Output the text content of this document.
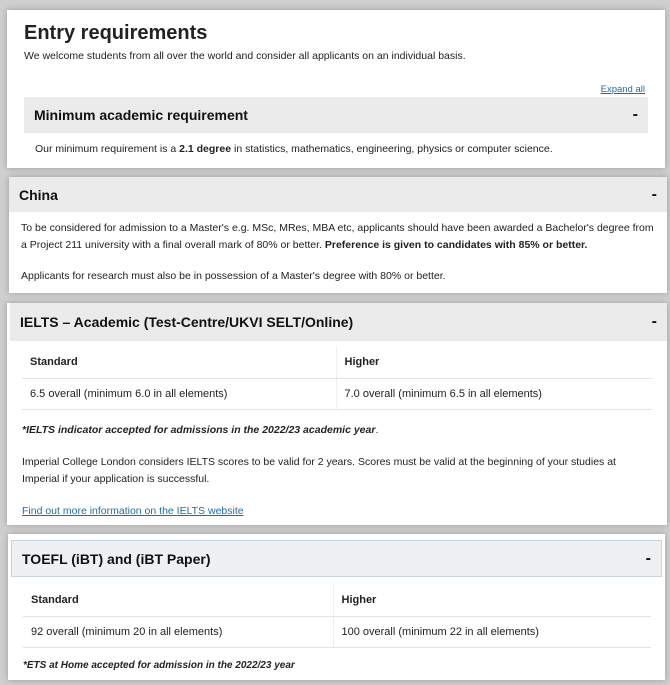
Entry requirements
We welcome students from all over the world and consider all applicants on an individual basis.
Expand all
Minimum academic requirement	-
Our minimum requirement is a 2.1 degree in statistics, mathematics, engineering, physics or computer science.
China	-
To be considered for admission to a Master's e.g. MSc, MRes, MBA etc, applicants should have been awarded a Bachelor's degree from a Project 211 university with a final overall mark of 80% or better. Preference is given to candidates with 85% or better.
Applicants for research must also be in possession of a Master's degree with 80% or better.
IELTS – Academic (Test-Centre/UKVI SELT/Online)	-
Standard	Higher
6.5 overall (minimum 6.0 in all elements)	7.0 overall (minimum 6.5 in all elements)
*IELTS indicator accepted for admissions in the 2022/23 academic year.
Imperial College London considers IELTS scores to be valid for 2 years. Scores must be valid at the beginning of your studies at Imperial if your application is successful.
Find out more information on the IELTS website
TOEFL (iBT) and (iBT Paper)	-
Standard	Higher
92 overall (minimum 20 in all elements)	100 overall (minimum 22 in all elements)
*ETS at Home accepted for admission in the 2022/23 year
